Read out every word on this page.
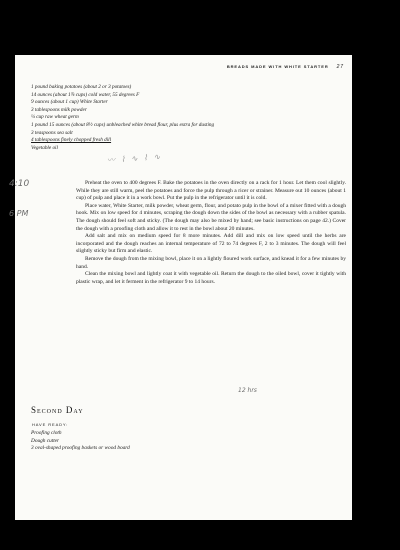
BREADS MADE WITH WHITE STARTER 27
1 pound baking potatoes (about 2 or 3 potatoes)
14 ounces (about 1¾ cups) cold water, 55 degrees F
9 ounces (about 1 cup) White Starter
3 tablespoons milk powder
¼ cup raw wheat germ
1 pound 15 ounces (about 8½ cups) unbleached white bread flour, plus extra for dusting
3 teaspoons sea salt
4 tablespoons finely chopped fresh dill
Vegetable oil
〰︎ ⌇ ∿ ⌇ ∿
4:10
6 PM

Preheat the oven to 400 degrees F. Bake the potatoes in the oven directly on a rack for 1 hour. Let them cool slightly. While they are still warm, peel the potatoes and force the pulp through a ricer or strainer. Measure out 10 ounces (about 1 cup) of pulp and place it in a work bowl. Put the pulp in the refrigerator until it is cold.

Place water, White Starter, milk powder, wheat germ, flour, and potato pulp in the bowl of a mixer fitted with a dough hook. Mix on low speed for 4 minutes, scraping the dough down the sides of the bowl as necessary with a rubber spatula. The dough should feel soft and sticky. (The dough may also be mixed by hand; see basic instructions on page 42.) Cover the dough with a proofing cloth and allow it to rest in the bowl about 20 minutes.

Add salt and mix on medium speed for 8 more minutes. Add dill and mix on low speed until the herbs are incorporated and the dough reaches an internal temperature of 72 to 74 degrees F, 2 to 3 minutes. The dough will feel slightly sticky but firm and elastic.

Remove the dough from the mixing bowl, place it on a lightly floured work surface, and knead it for a few minutes by hand.

Clean the mixing bowl and lightly coat it with vegetable oil. Return the dough to the oiled bowl, cover it tightly with plastic wrap, and let it ferment in the refrigerator 9 to 14 hours.

12 hrs
Second Day
HAVE READY:
Proofing cloth
Dough cutter
3 oval-shaped proofing baskets or wood board
